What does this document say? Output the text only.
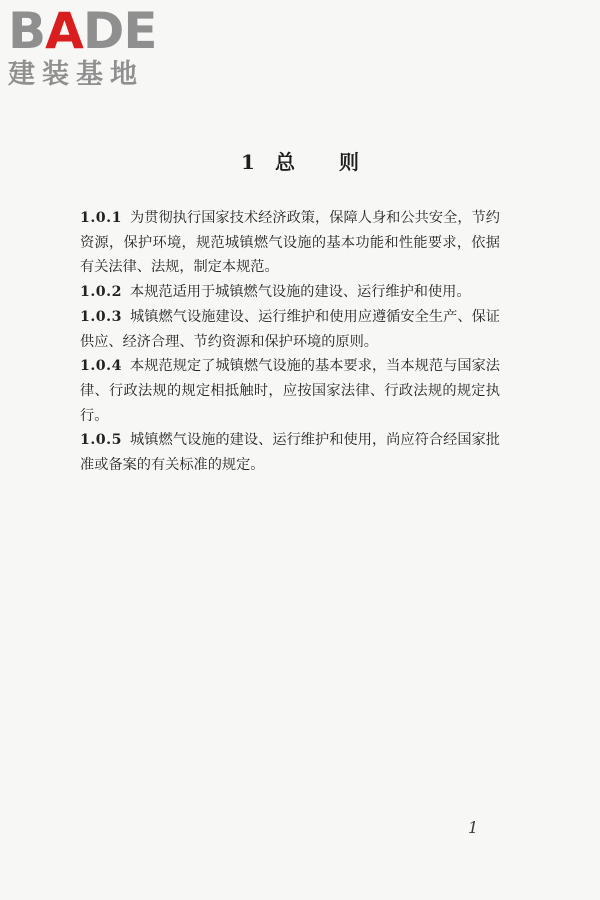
BADE
建装基地
1 总 则
1.0.1 为贯彻执行国家技术经济政策，保障人身和公共安全，节约资源，保护环境，规范城镇燃气设施的基本功能和性能要求，依据有关法律、法规，制定本规范。
1.0.2 本规范适用于城镇燃气设施的建设、运行维护和使用。
1.0.3 城镇燃气设施建设、运行维护和使用应遵循安全生产、保证供应、经济合理、节约资源和保护环境的原则。
1.0.4 本规范规定了城镇燃气设施的基本要求，当本规范与国家法律、行政法规的规定相抵触时，应按国家法律、行政法规的规定执行。
1.0.5 城镇燃气设施的建设、运行维护和使用，尚应符合经国家批准或备案的有关标准的规定。
1
